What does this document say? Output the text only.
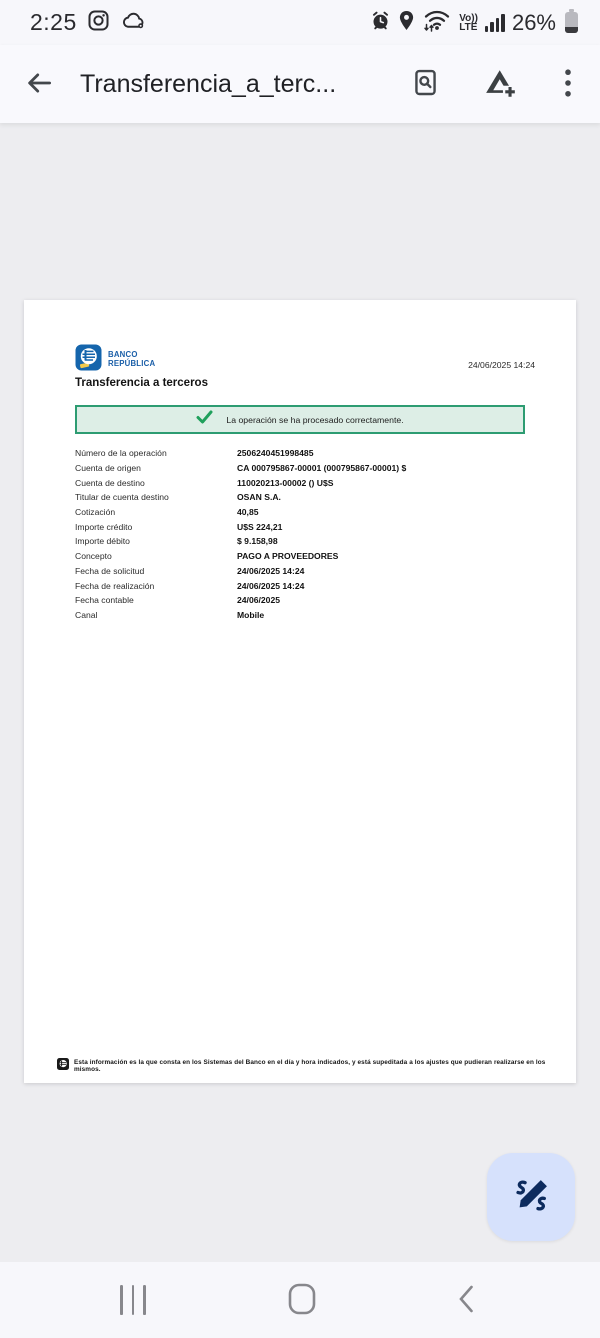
2:25	Vo))
LTE 26%
Transferencia_a_terc...
BANCO
REPÚBLICA	24/06/2025 14:24
Transferencia a terceros
La operación se ha procesado correctamente.
Número de la operación	2506240451998485
Cuenta de origen	CA 000795867-00001 (000795867-00001) $
Cuenta de destino	110020213-00002 () U$S
Titular de cuenta destino	OSAN S.A.
Cotización	40,85
Importe crédito	U$S 224,21
Importe débito	$ 9.158,98
Concepto	PAGO A PROVEEDORES
Fecha de solicitud	24/06/2025 14:24
Fecha de realización	24/06/2025 14:24
Fecha contable	24/06/2025
Canal	Mobile
Esta información es la que consta en los Sistemas del Banco en el día y hora indicados, y está supeditada a los ajustes que pudieran realizarse en los mismos.
